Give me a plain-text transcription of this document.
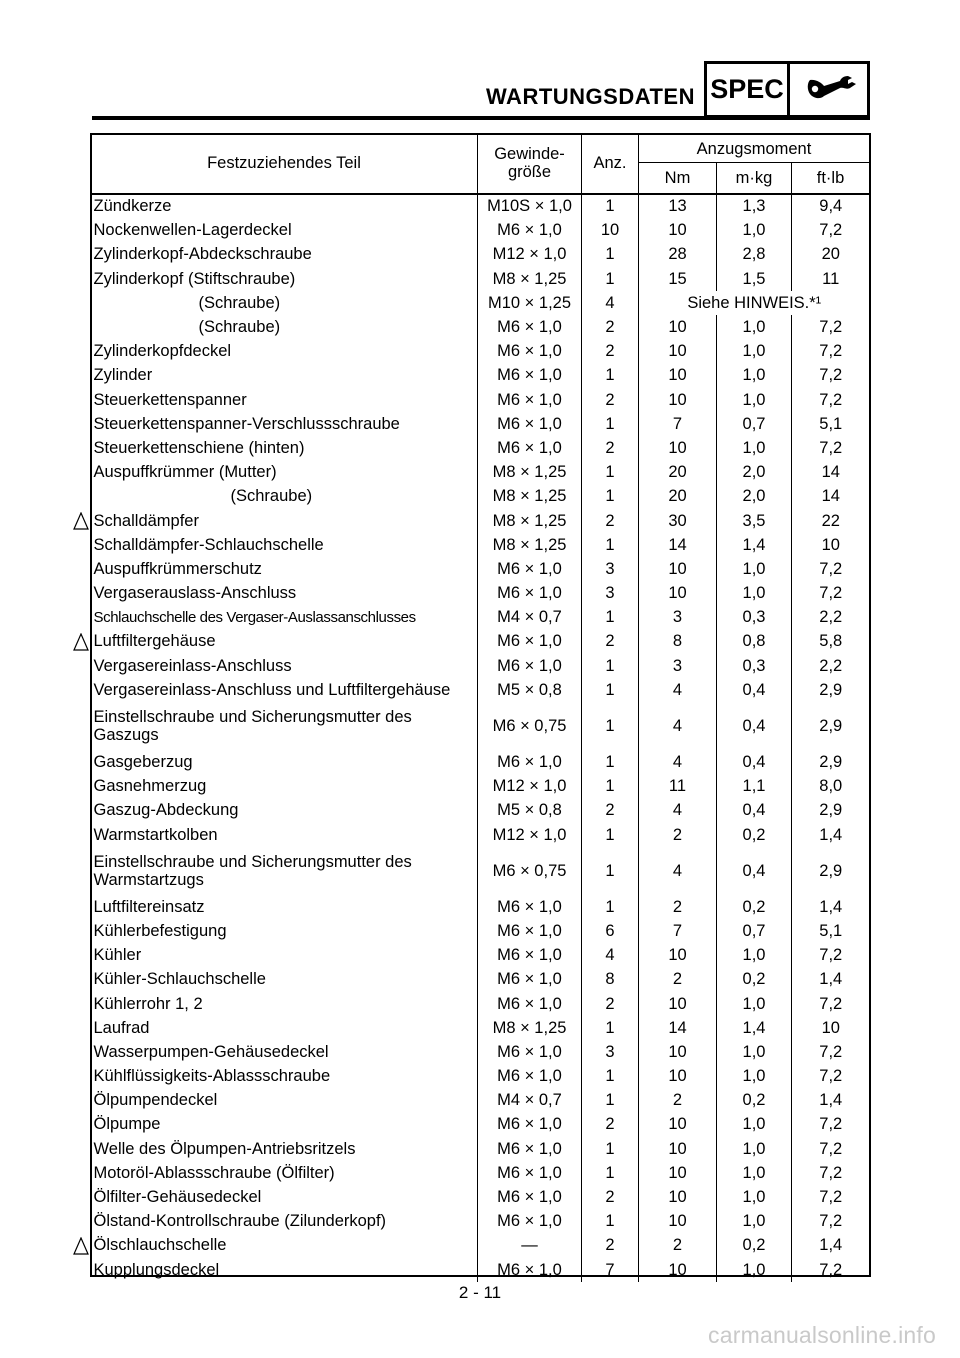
WARTUNGSDATEN SPEC
Festzuziehendes Teil	Gewinde- größe	Anz.	Anzugsmoment		
			Nm	m·kg	ft·lb
Zündkerze	M10S × 1,0	1	13	1,3	9,4
Nockenwellen-Lagerdeckel	M6 × 1,0	10	10	1,0	7,2
Zylinderkopf-Abdeckschraube	M12 × 1,0	1	28	2,8	20
Zylinderkopf (Stiftschraube)	M8 × 1,25	1	15	1,5	11
(Schraube)	M10 × 1,25	4	Siehe HINWEIS.*¹		
(Schraube)	M6 × 1,0	2	10	1,0	7,2
Zylinderkopfdeckel	M6 × 1,0	2	10	1,0	7,2
Zylinder	M6 × 1,0	1	10	1,0	7,2
Steuerkettenspanner	M6 × 1,0	2	10	1,0	7,2
Steuerkettenspanner-Verschlussschraube	M6 × 1,0	1	7	0,7	5,1
Steuerkettenschiene (hinten)	M6 × 1,0	2	10	1,0	7,2
Auspuffkrümmer (Mutter)	M8 × 1,25	1	20	2,0	14
(Schraube)	M8 × 1,25	1	20	2,0	14
Schalldämpfer	M8 × 1,25	2	30	3,5	22
Schalldämpfer-Schlauchschelle	M8 × 1,25	1	14	1,4	10
Auspuffkrümmerschutz	M6 × 1,0	3	10	1,0	7,2
Vergaserauslass-Anschluss	M6 × 1,0	3	10	1,0	7,2
Schlauchschelle des Vergaser-Auslassanschlusses	M4 × 0,7	1	3	0,3	2,2
Luftfiltergehäuse	M6 × 1,0	2	8	0,8	5,8
Vergasereinlass-Anschluss	M6 × 1,0	1	3	0,3	2,2
Vergasereinlass-Anschluss und Luftfiltergehäuse	M5 × 0,8	1	4	0,4	2,9
Einstellschraube und Sicherungsmutter des Gaszugs	M6 × 0,75	1	4	0,4	2,9
Gasgeberzug	M6 × 1,0	1	4	0,4	2,9
Gasnehmerzug	M12 × 1,0	1	11	1,1	8,0
Gaszug-Abdeckung	M5 × 0,8	2	4	0,4	2,9
Warmstartkolben	M12 × 1,0	1	2	0,2	1,4
Einstellschraube und Sicherungsmutter des Warmstartzugs	M6 × 0,75	1	4	0,4	2,9
Luftfiltereinsatz	M6 × 1,0	1	2	0,2	1,4
Kühlerbefestigung	M6 × 1,0	6	7	0,7	5,1
Kühler	M6 × 1,0	4	10	1,0	7,2
Kühler-Schlauchschelle	M6 × 1,0	8	2	0,2	1,4
Kühlerrohr 1, 2	M6 × 1,0	2	10	1,0	7,2
Laufrad	M8 × 1,25	1	14	1,4	10
Wasserpumpen-Gehäusedeckel	M6 × 1,0	3	10	1,0	7,2
Kühlflüssigkeits-Ablassschraube	M6 × 1,0	1	10	1,0	7,2
Ölpumpendeckel	M4 × 0,7	1	2	0,2	1,4
Ölpumpe	M6 × 1,0	2	10	1,0	7,2
Welle des Ölpumpen-Antriebsritzels	M6 × 1,0	1	10	1,0	7,2
Motoröl-Ablassschraube (Ölfilter)	M6 × 1,0	1	10	1,0	7,2
Ölfilter-Gehäusedeckel	M6 × 1,0	2	10	1,0	7,2
Ölstand-Kontrollschraube (Zilunderkopf)	M6 × 1,0	1	10	1,0	7,2
Ölschlauchschelle	—	2	2	0,2	1,4
Kupplungsdeckel	M6 × 1,0	7	10	1,0	7,2
2 - 11
carmanualsonline.info
